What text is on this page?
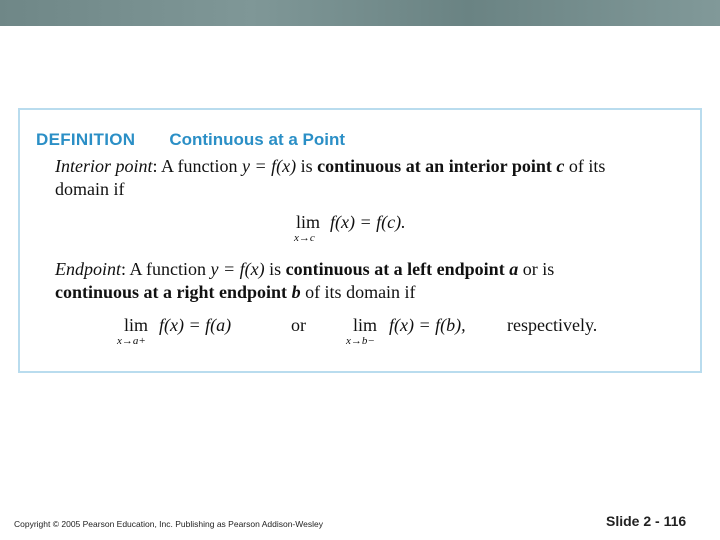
DEFINITION Continuous at a Point
Interior point: A function y = f(x) is continuous at an interior point c of its
domain if
lim
x→c
f(x) = f(c).
Endpoint: A function y = f(x) is continuous at a left endpoint a or is
continuous at a right endpoint b of its domain if
lim
x→a+
f(x) = f(a)	or	lim
x→b−
f(x) = f(b), respectively.
Copyright © 2005 Pearson Education, Inc. Publishing as Pearson Addison-Wesley	Slide 2 - 116
